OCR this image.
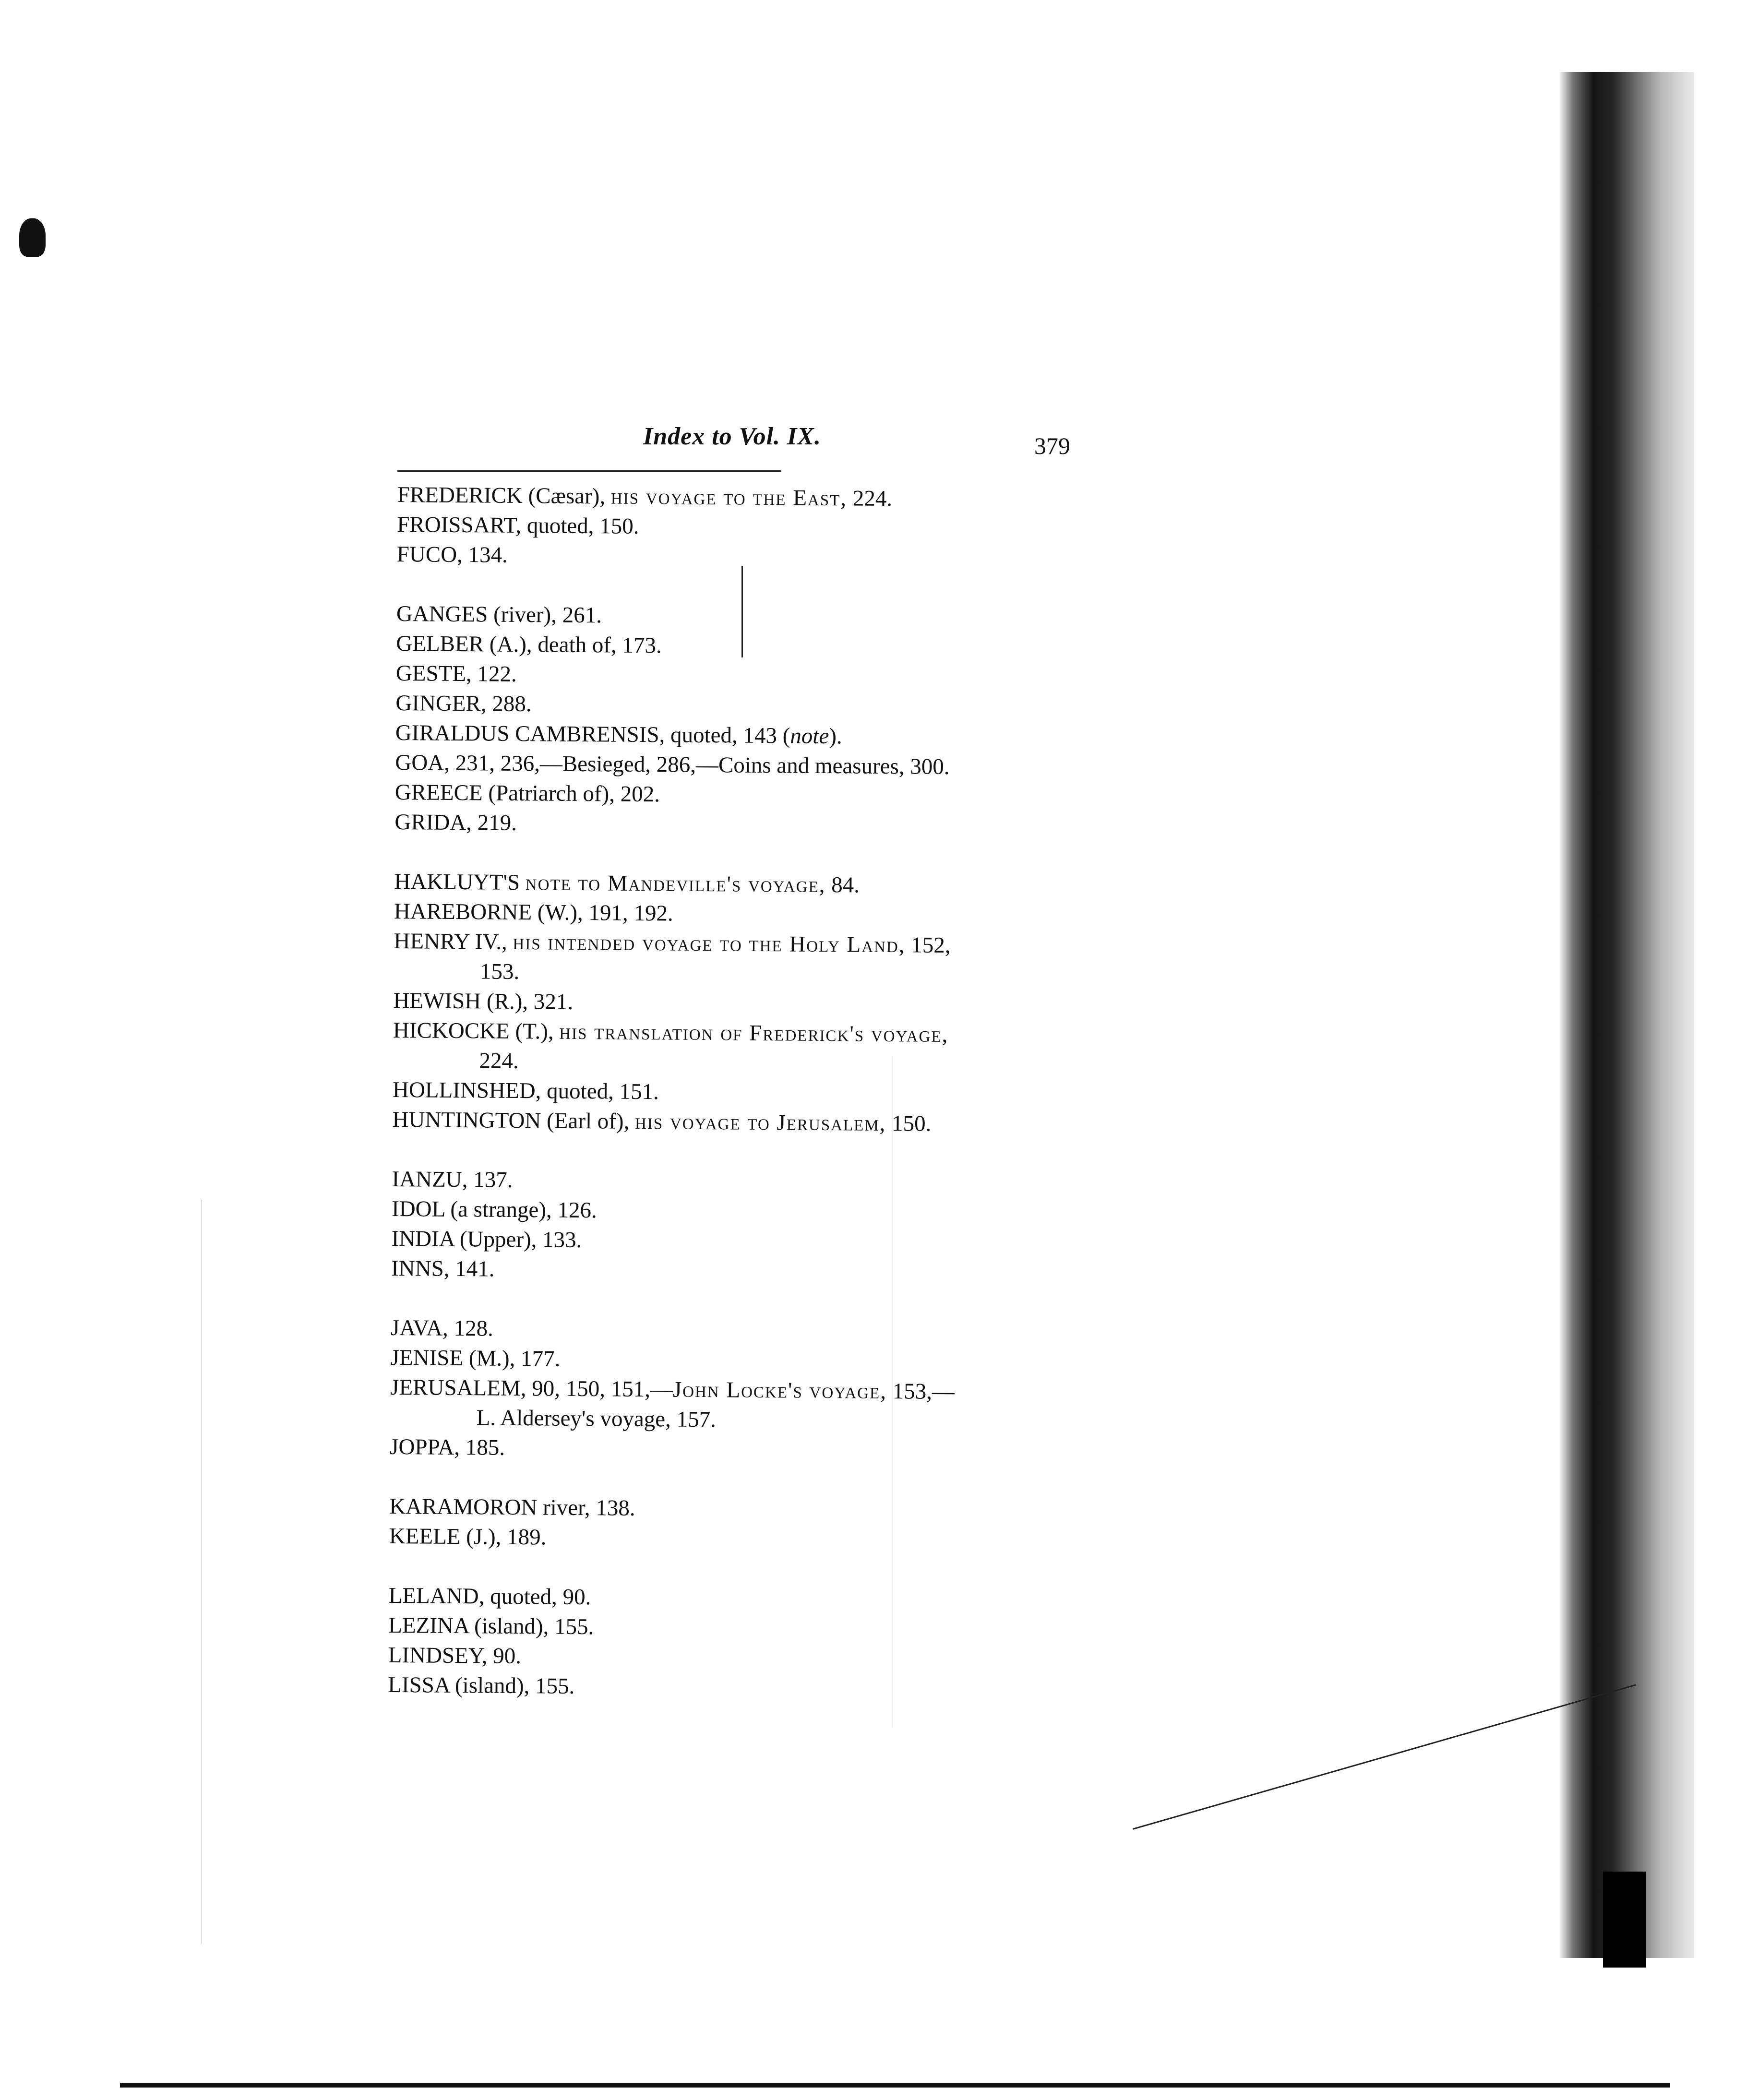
Index to Vol. IX.	379
FREDERICK (Cæsar), his voyage to the East, 224.
FROISSART, quoted, 150.
FUCO, 134.
GANGES (river), 261.
GELBER (A.), death of, 173.
GESTE, 122.
GINGER, 288.
GIRALDUS CAMBRENSIS, quoted, 143 (note).
GOA, 231, 236,—Besieged, 286,—Coins and measures, 300.
GREECE (Patriarch of), 202.
GRIDA, 219.
HAKLUYT'S note to Mandeville's voyage, 84.
HAREBORNE (W.), 191, 192.
HENRY IV., his intended voyage to the Holy Land, 152,
153.
HEWISH (R.), 321.
HICKOCKE (T.), his translation of Frederick's voyage,
224.
HOLLINSHED, quoted, 151.
HUNTINGTON (Earl of), his voyage to Jerusalem, 150.
IANZU, 137.
IDOL (a strange), 126.
INDIA (Upper), 133.
INNS, 141.
JAVA, 128.
JENISE (M.), 177.
JERUSALEM, 90, 150, 151,—John Locke's voyage, 153,—
L. Aldersey's voyage, 157.
JOPPA, 185.
KARAMORON river, 138.
KEELE (J.), 189.
LELAND, quoted, 90.
LEZINA (island), 155.
LINDSEY, 90.
LISSA (island), 155.
